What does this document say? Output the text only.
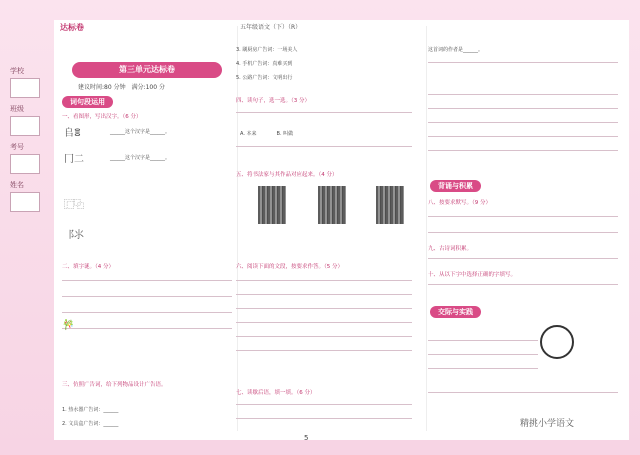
学校
班级
考号
姓名
达标卷	五年级语文（下）（R）
第三单元达标卷
建议时间:80 分钟　满分:100 分
词句段运用
一、看图形，写出汉字。（6 分）
𠂤ⴻ	______这个汉字是______。
⼌⼆	______这个汉字是______。
⿸⿻
⻏⺢
二、填字谜。（4 分）
🎋
三、仿照广告词，给下列物品设计广告语。
1. 热水器广告词：______
2. 文具盒广告词：______
3. 刷厨房广告词：一场美人
4. 手机广告词：真难买到
5. 公路广告词：文明出行
四、读句子，选一选。（3 分）
A. 本来　　　　B. 叫做
五、将书法家与其作品对应起来。（4 分）
六、阅读下面的文段，按要求作答。（5 分）
七、读歇后语，填一填。（6 分）
这首词的作者是______。
背诵与积累
八、按要求默写。（9 分）
九、古诗词积累。
十、从以下字中选择正确的字填写。
交际与实践
5
精挑小学语文
